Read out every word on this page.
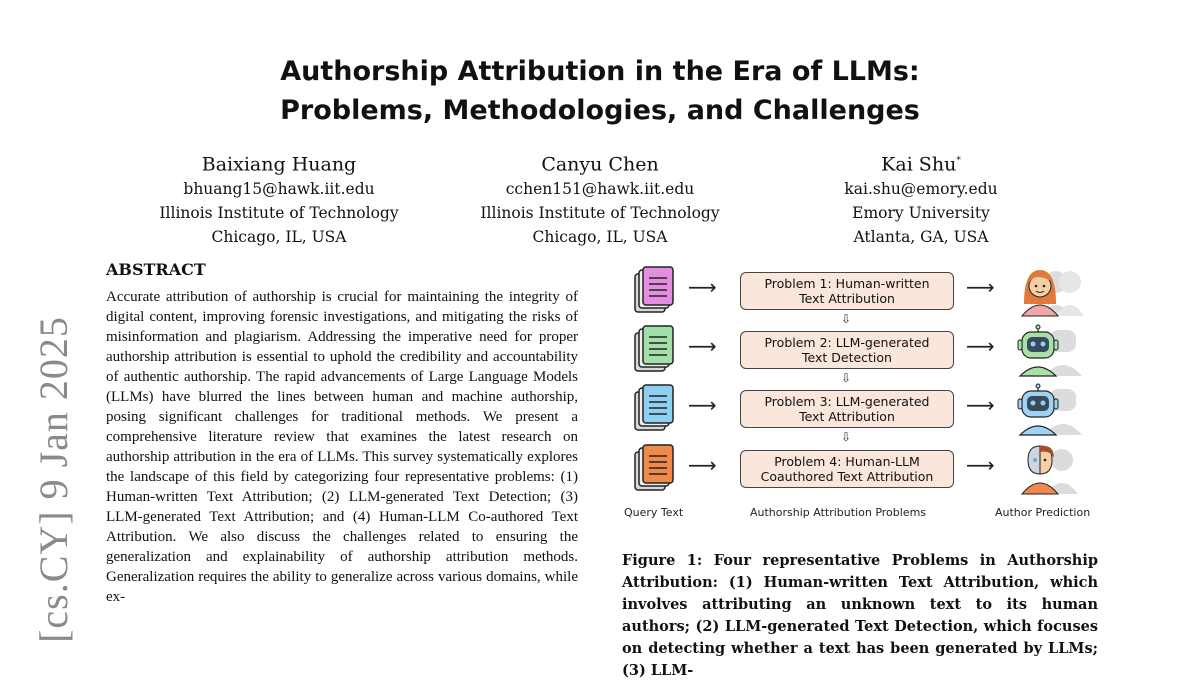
[cs.CY] 9 Jan 2025
Authorship Attribution in the Era of LLMs:
Problems, Methodologies, and Challenges
Baixiang Huang
bhuang15@hawk.iit.edu
Illinois Institute of Technology
Chicago, IL, USA
Canyu Chen
cchen151@hawk.iit.edu
Illinois Institute of Technology
Chicago, IL, USA
Kai Shu*
kai.shu@emory.edu
Emory University
Atlanta, GA, USA
ABSTRACT
Accurate attribution of authorship is crucial for maintaining the integrity of digital content, improving forensic investigations, and mitigating the risks of misinformation and plagiarism. Addressing the imperative need for proper authorship attribution is essential to uphold the credibility and accountability of authentic authorship. The rapid advancements of Large Language Models (LLMs) have blurred the lines between human and machine authorship, posing significant challenges for traditional methods. We present a comprehensive literature review that examines the latest research on authorship attribution in the era of LLMs. This survey systematically explores the landscape of this field by categorizing four representative problems: (1) Human-written Text Attribution; (2) LLM-generated Text Detection; (3) LLM-generated Text Attribution; and (4) Human-LLM Co-authored Text Attribution. We also discuss the challenges related to ensuring the generalization and explainability of authorship attribution methods. Generalization requires the ability to generalize across various domains, while ex-
⟶	Problem 1: Human-written
Text Attribution	⟶
⇩
⟶	Problem 2: LLM-generated
Text Detection	⟶
⇩
⟶	Problem 3: LLM-generated
Text Attribution	⟶
⇩
⟶	Problem 4: Human-LLM
Coauthored Text Attribution ⟶
Query Text	Authorship Attribution Problems	Author Prediction
Figure 1: Four representative Problems in Authorship Attribution: (1) Human-written Text Attribution, which involves attributing an unknown text to its human authors; (2) LLM-generated Text Detection, which focuses on detecting whether a text has been generated by LLMs; (3) LLM-
